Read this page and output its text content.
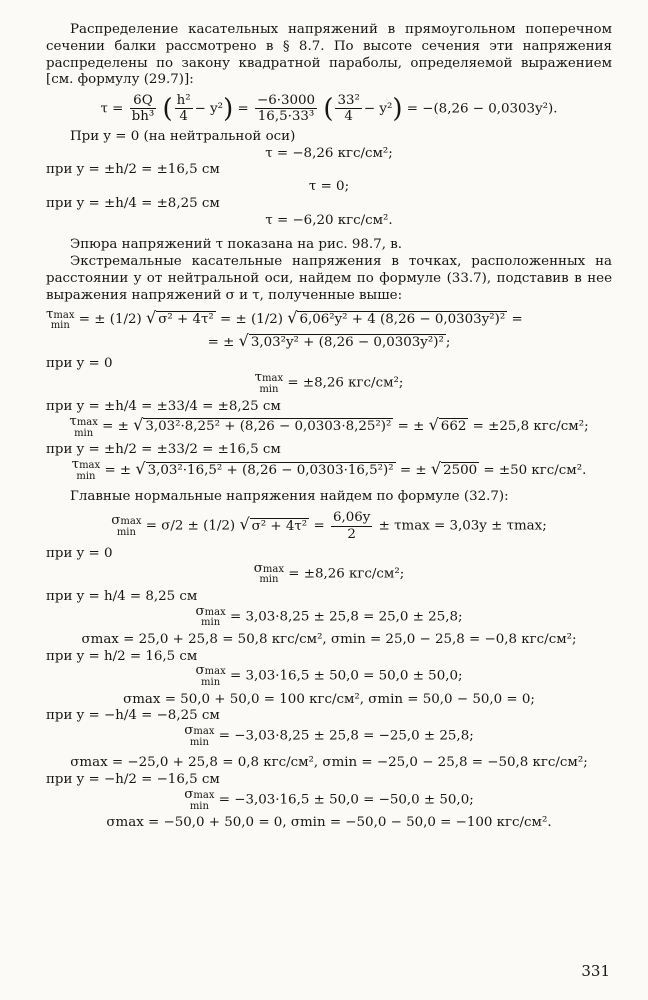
Распределение касательных напряжений в прямоугольном поперечном сечении балки рассмотрено в § 8.7. По высоте сечения эти напряжения распределены по закону квадратной параболы, определяемой выражением [см. формулу (29.7)]:

$\tau = \frac{6Q}{\text{bh³}}$ ( $\frac{\text{h²}}{4} - y^2) = \frac{-6\cdot 3000}{\text{16,5·33³}}$ ( $\frac{\text{33²}}{4} - y^2) = -(8,26 - 0,0303y^2)$.

При y = 0 (на нейтральной оси)

τ = −8,26 кгс/см²;

при y = ±h/2 = ±16,5 см

τ = 0;

при y = ±h/4 = ±8,25 см

τ = −6,20 кгс/см².

Эпюра напряжений τ показана на рис. 98.7, в.

Экстремальные касательные напряжения в точках, расположенных на расстоянии y от нейтральной оси, найдем по формуле (33.7), подставив в нее выражения напряжений σ и τ, полученные выше:

τmax
min = ± (1/2) √ σ² + 4τ² = ± (1/2) √ 6,06²y² + 4 (8,26 − 0,0303y²)² =

= ± √ 3,03²y² + (8,26 − 0,0303y²)² ;

при y = 0

τmax
min = ±8,26 кгс/см²;

при y = ±h/4 = ±33/4 = ±8,25 см

τmax
min = ± √ 3,03²·8,25² + (8,26 − 0,0303·8,25²)² = ± √ 662 = ±25,8 кгс/см²;

при y = ±h/2 = ±33/2 = ±16,5 см

τmax
min = ± √ 3,03²·16,5² + (8,26 − 0,0303·16,5²)² = ± √ 2500 = ±50 кгс/см².

Главные нормальные напряжения найдем по формуле (32.7):

σmax
min = σ/2 ± (1/2) √ $\sigma^2 + 4\tau^2 = \frac{6,06y}{2} \pm \tau\max = 3,03y \pm \tau\max$;

при y = 0

σmax
min = ±8,26 кгс/см²;

при y = h/4 = 8,25 см

σmax
min = 3,03·8,25 ± 25,8 = 25,0 ± 25,8;

σmax = 25,0 + 25,8 = 50,8 кгс/см², σmin = 25,0 − 25,8 = −0,8 кгс/см²;

при y = h/2 = 16,5 см

σmax
min = 3,03·16,5 ± 50,0 = 50,0 ± 50,0;

σmax = 50,0 + 50,0 = 100 кгс/см², σmin = 50,0 − 50,0 = 0;

при y = −h/4 = −8,25 см

σmax
min = −3,03·8,25 ± 25,8 = −25,0 ± 25,8;

σmax = −25,0 + 25,8 = 0,8 кгс/см², σmin = −25,0 − 25,8 = −50,8 кгс/см²;

при y = −h/2 = −16,5 см

σmax
min = −3,03·16,5 ± 50,0 = −50,0 ± 50,0;

σmax = −50,0 + 50,0 = 0, σmin = −50,0 − 50,0 = −100 кгс/см².

331
